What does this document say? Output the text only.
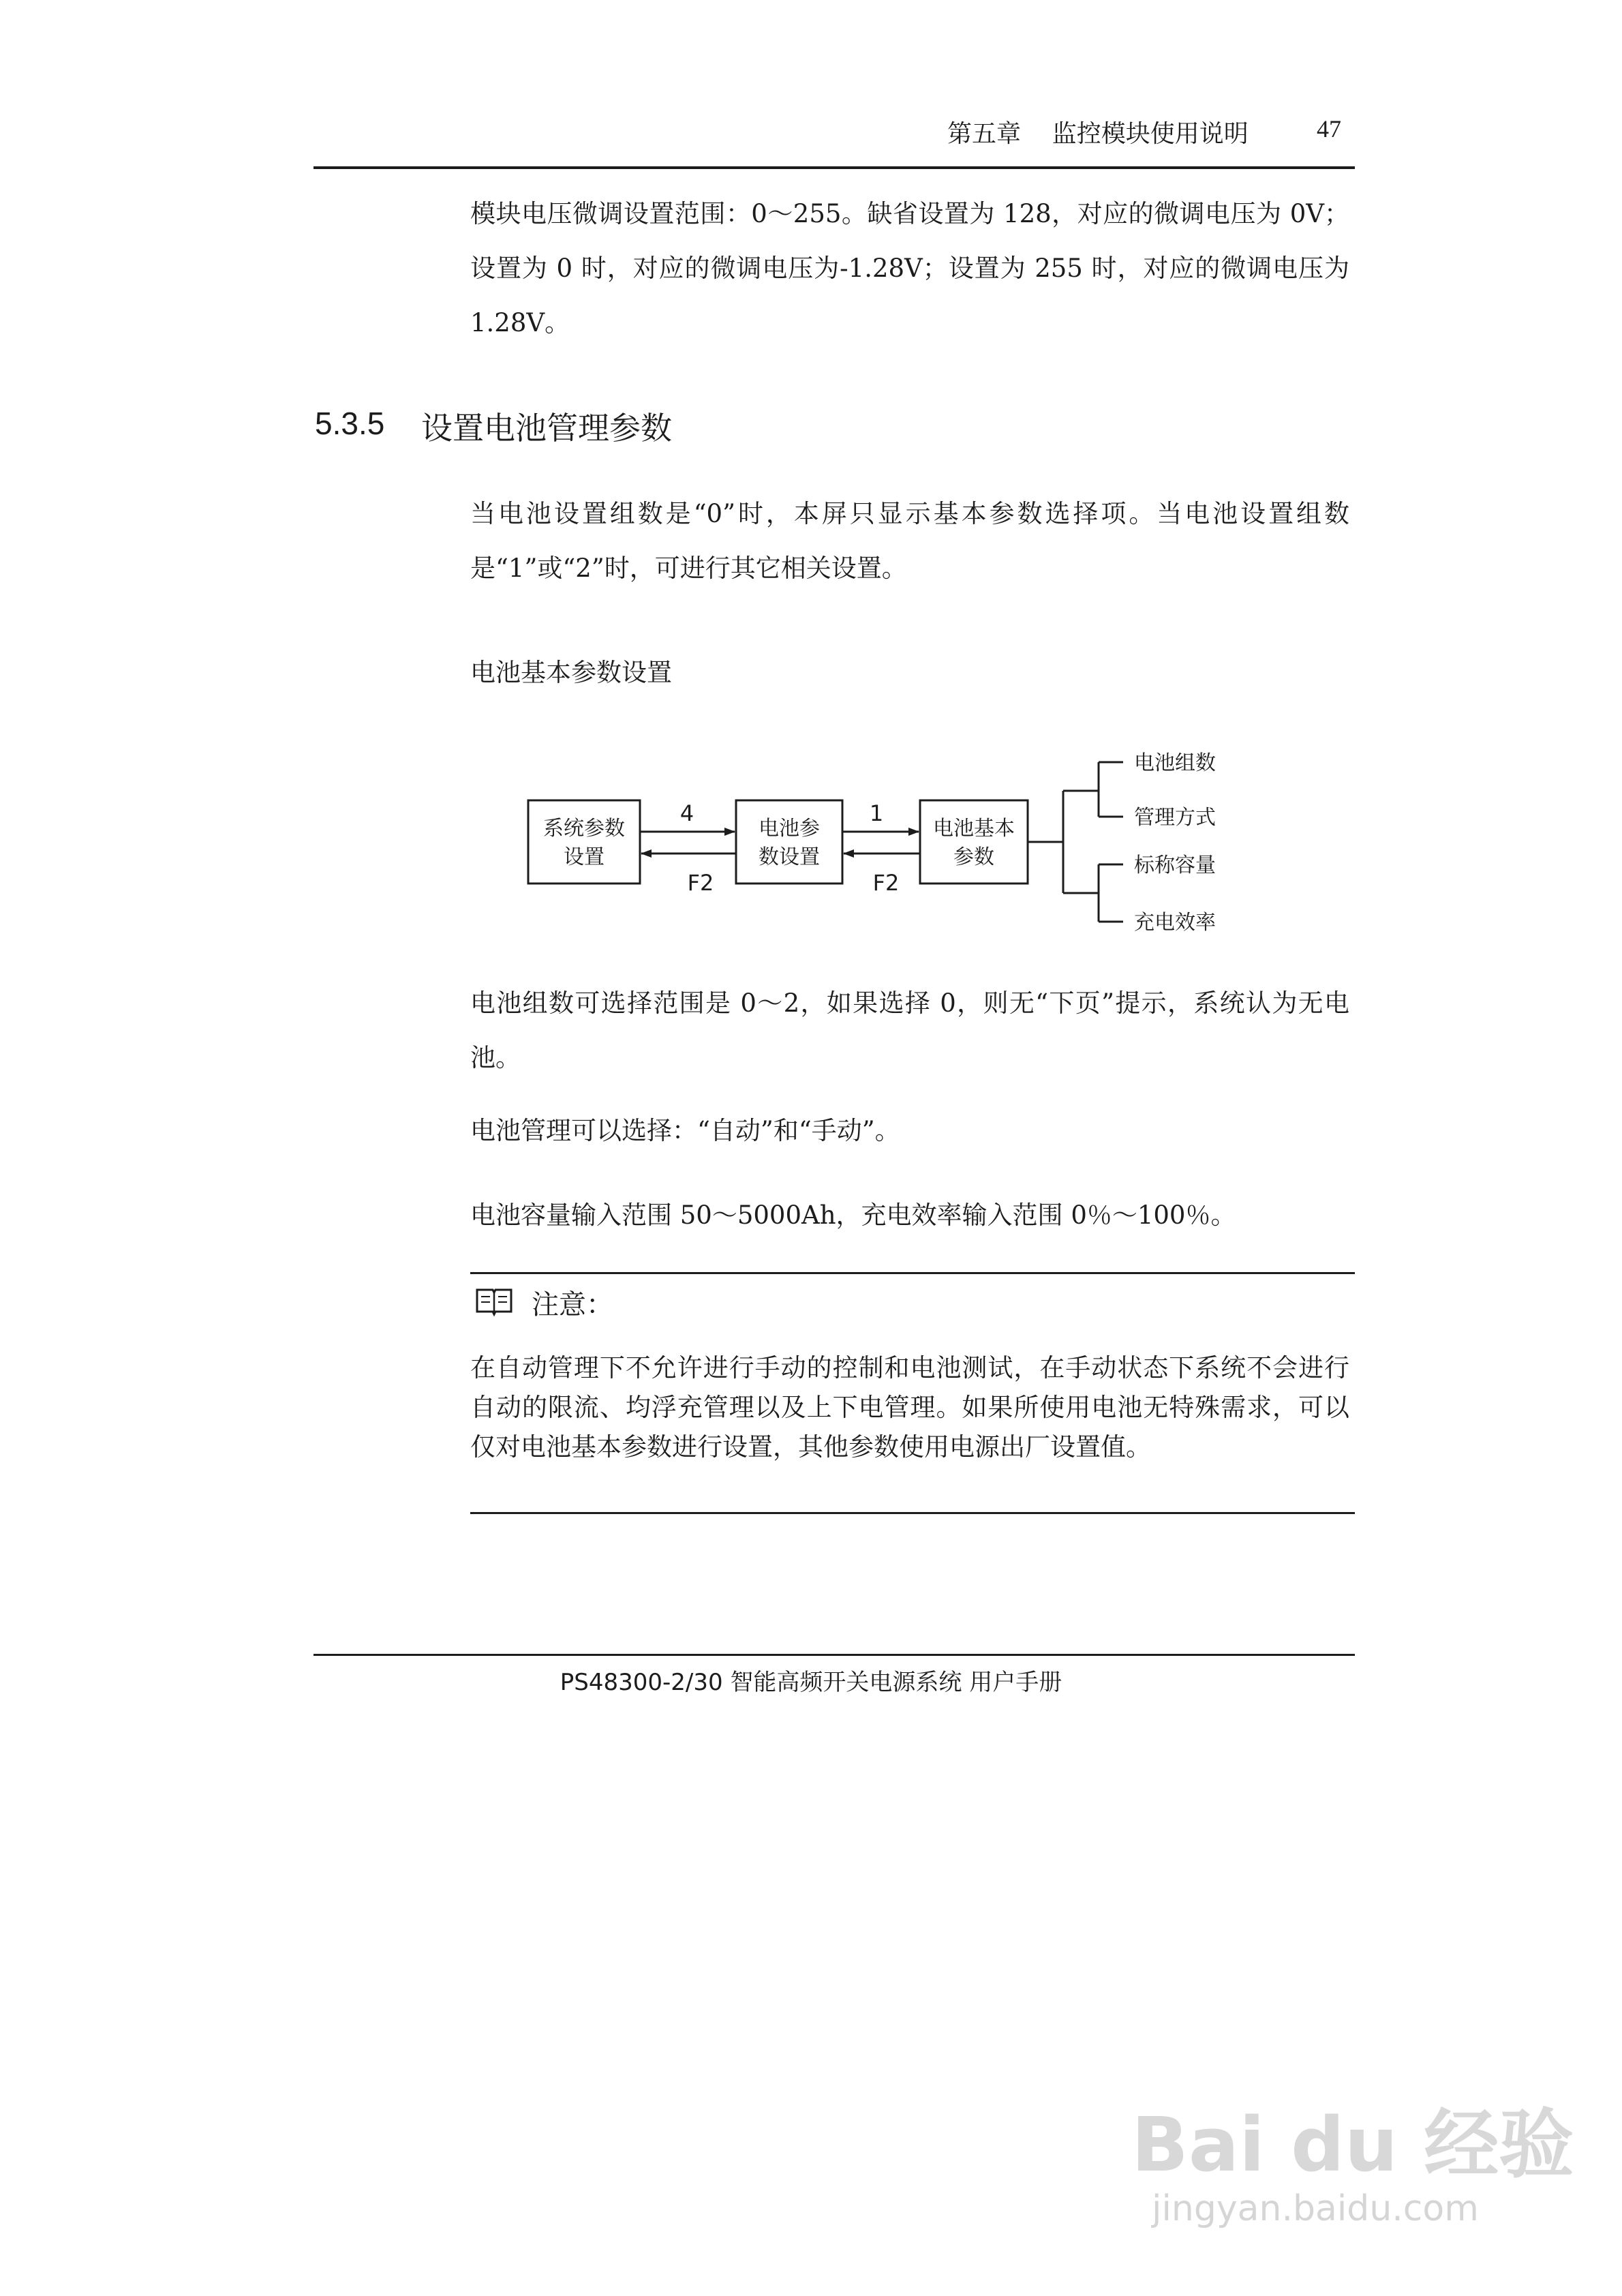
第五章    监控模块使用说明	47
模块电压微调设置范围：0～255。缺省设置为 128，对应的微调电压为 0V；设置为 0 时，对应的微调电压为-1.28V；设置为 255 时，对应的微调电压为 1.28V。
5.3.5 设置电池管理参数
当电池设置组数是“0”时，本屏只显示基本参数选择项。当电池设置组数是“1”或“2”时，可进行其它相关设置。
电池基本参数设置
系统参数
设置
电池参
数设置
电池基本
参数
4
F2
1
F2
电池组数
管理方式
标称容量
充电效率
电池组数可选择范围是 0～2，如果选择 0，则无“下页”提示，系统认为无电池。
电池管理可以选择：“自动”和“手动”。
电池容量输入范围 50～5000Ah，充电效率输入范围 0％～100％。
注意：
在自动管理下不允许进行手动的控制和电池测试，在手动状态下系统不会进行自动的限流、均浮充管理以及上下电管理。如果所使用电池无特殊需求，可以仅对电池基本参数进行设置，其他参数使用电源出厂设置值。
PS48300-2/30 智能高频开关电源系统 用户手册
Bai du 经验
jingyan.baidu.com
